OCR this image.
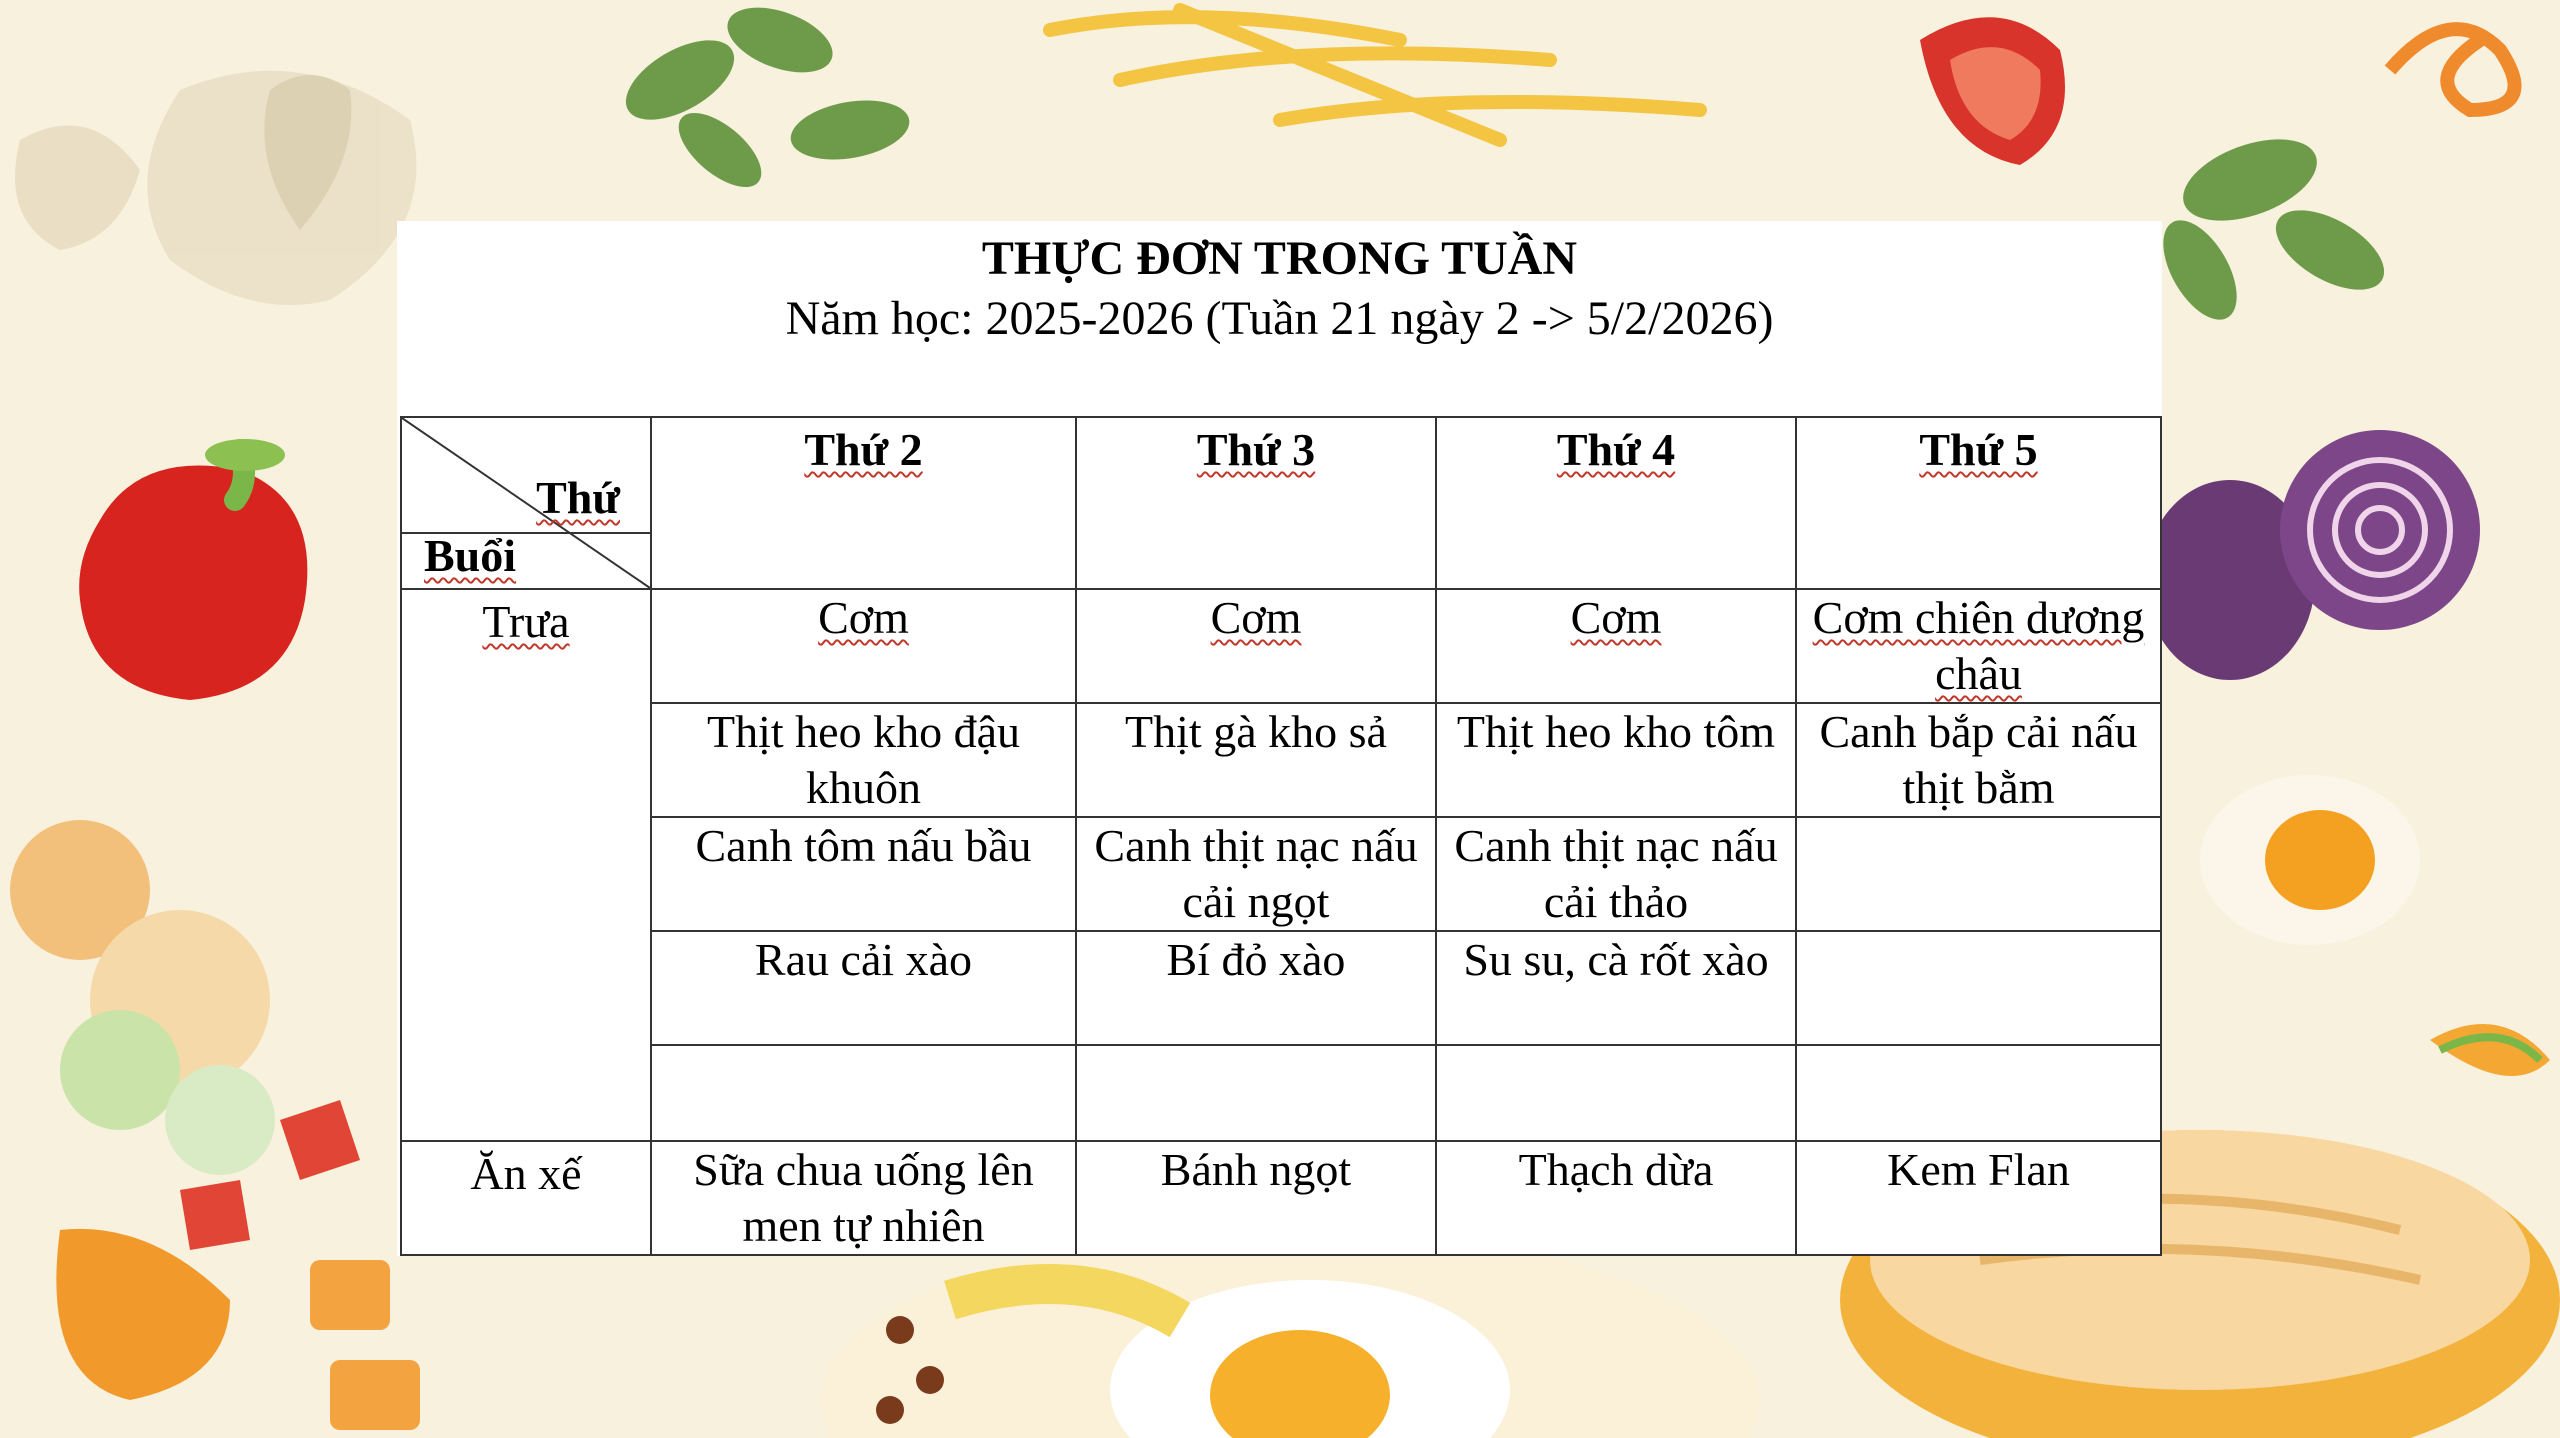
THỰC ĐƠN TRONG TUẦN
Năm học: 2025-2026 (Tuần 21 ngày 2 -> 5/2/2026)
Thứ
Buổi	Thứ 2	Thứ 3	Thứ 4	Thứ 5
Trưa	Cơm	Cơm	Cơm	Cơm chiên dương châu
	Thịt heo kho đậu khuôn	Thịt gà kho sả	Thịt heo kho tôm	Canh bắp cải nấu thịt bằm
	Canh tôm nấu bầu	Canh thịt nạc nấu cải ngọt	Canh thịt nạc nấu cải thảo	
	Rau cải xào	Bí đỏ xào	Su su, cà rốt xào	

Ăn xế	Sữa chua uống lên men tự nhiên	Bánh ngọt	Thạch dừa	Kem Flan
